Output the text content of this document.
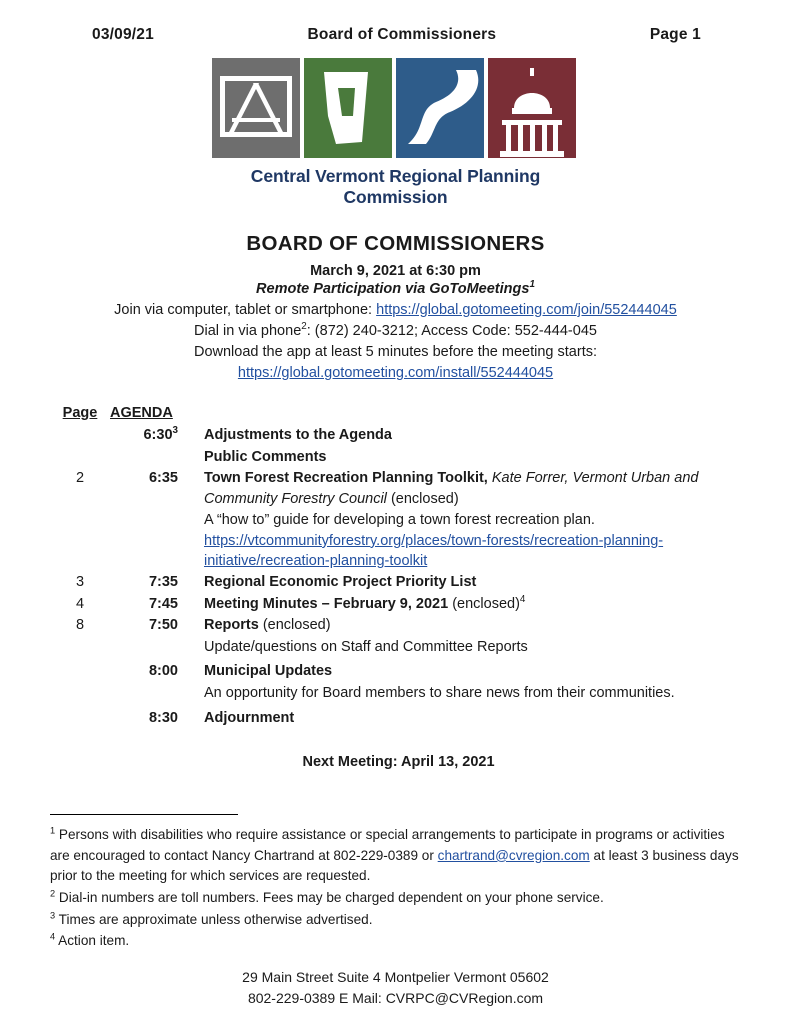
03/09/21	Board of Commissioners	Page 1
Central Vermont Regional Planning Commission
BOARD OF COMMISSIONERS
March 9, 2021 at 6:30 pm
Remote Participation via GoToMeetings$^1$
Join via computer, tablet or smartphone: https://global.gotomeeting.com/join/552444045
Dial in via phone$^2$: (872) 240-3212; Access Code: 552-444-045
Download the app at least 5 minutes before the meeting starts:
https://global.gotomeeting.com/install/552444045
Page AGENDA
$6:30^3$	Adjustments to the Agenda
Public Comments
2	6:35	Town Forest Recreation Planning Toolkit, Kate Forrer, Vermont Urban and Community Forestry Council (enclosed)
A “how to” guide for developing a town forest recreation plan.
https://vtcommunityforestry.org/places/town-forests/recreation-planning-initiative/recreation-planning-toolkit
3	7:35	Regional Economic Project Priority List
4	7:45	Meeting Minutes – February 9, 2021 (enclosed)$^4$
8	7:50	Reports (enclosed)
Update/questions on Staff and Committee Reports
8:00	Municipal Updates
An opportunity for Board members to share news from their communities.
8:30	Adjournment
Next Meeting: April 13, 2021

$^1$ Persons with disabilities who require assistance or special arrangements to participate in programs or activities are encouraged to contact Nancy Chartrand at 802-229-0389 or chartrand@cvregion.com at least 3 business days prior to the meeting for which services are requested.

$^2$ Dial-in numbers are toll numbers. Fees may be charged dependent on your phone service.

$^3$ Times are approximate unless otherwise advertised.

$^4$ Action item.

29 Main Street Suite 4 Montpelier Vermont 05602
802-229-0389 E Mail: CVRPC@CVRegion.com
